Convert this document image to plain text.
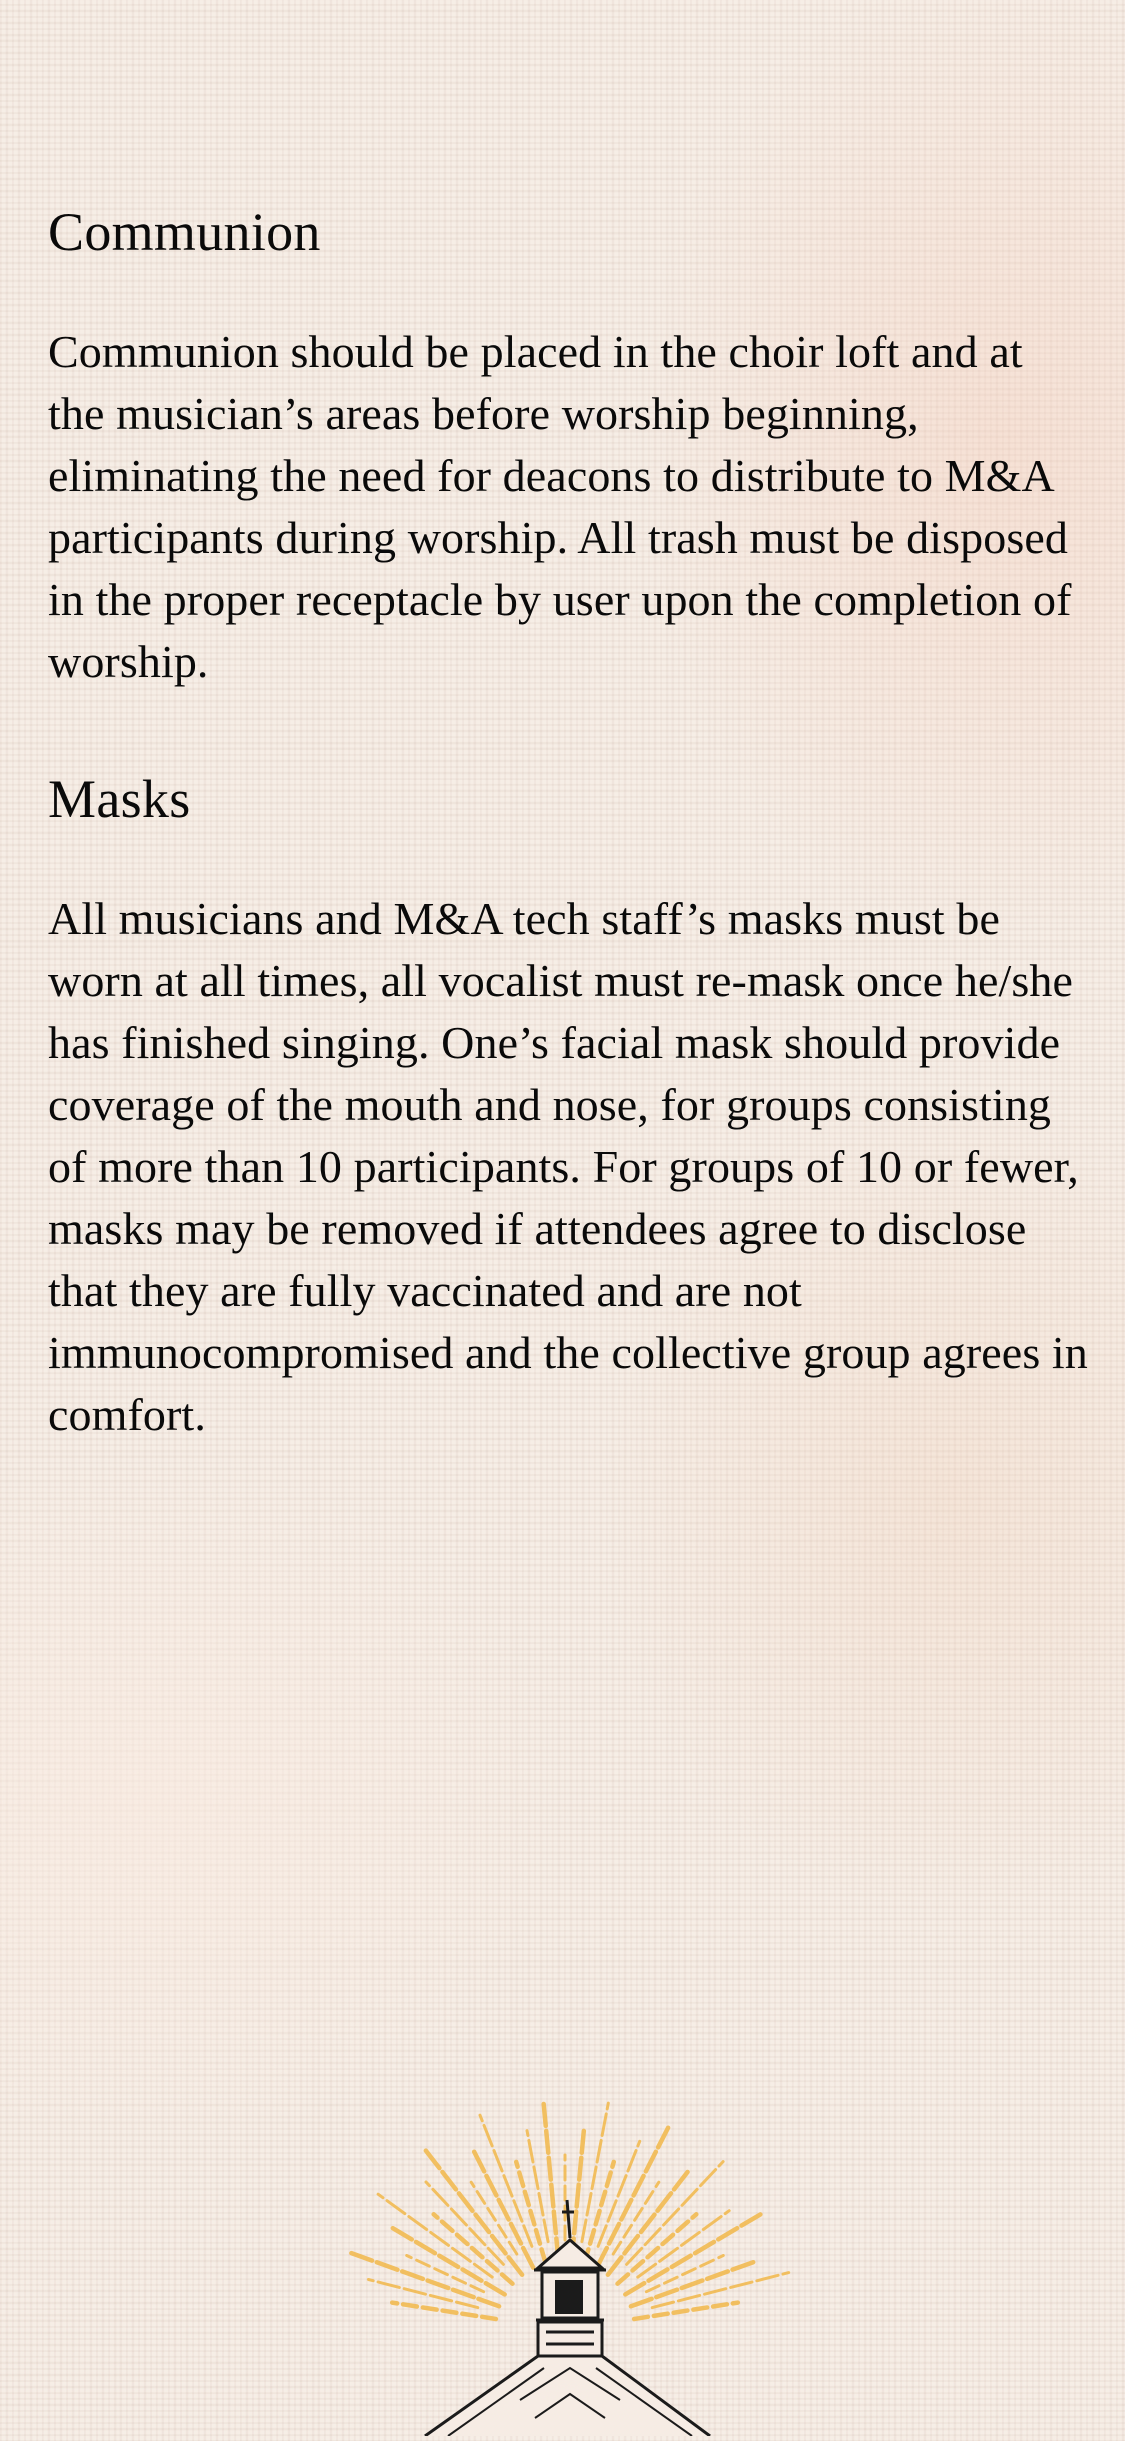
Communion

Communion should be placed in the choir loft and at the musician’s areas before worship beginning, eliminating the need for deacons to distribute to M&A participants during worship. All trash must be disposed in the proper receptacle by user upon the completion of worship.

Masks

All musicians and M&A tech staff’s masks must be worn at all times, all vocalist must re-mask once he/she has finished singing. One’s facial mask should provide coverage of the mouth and nose, for groups consisting of more than 10 participants. For groups of 10 or fewer, masks may be removed if attendees agree to disclose that they are fully vaccinated and are not immunocompromised and the collective group agrees in comfort.
